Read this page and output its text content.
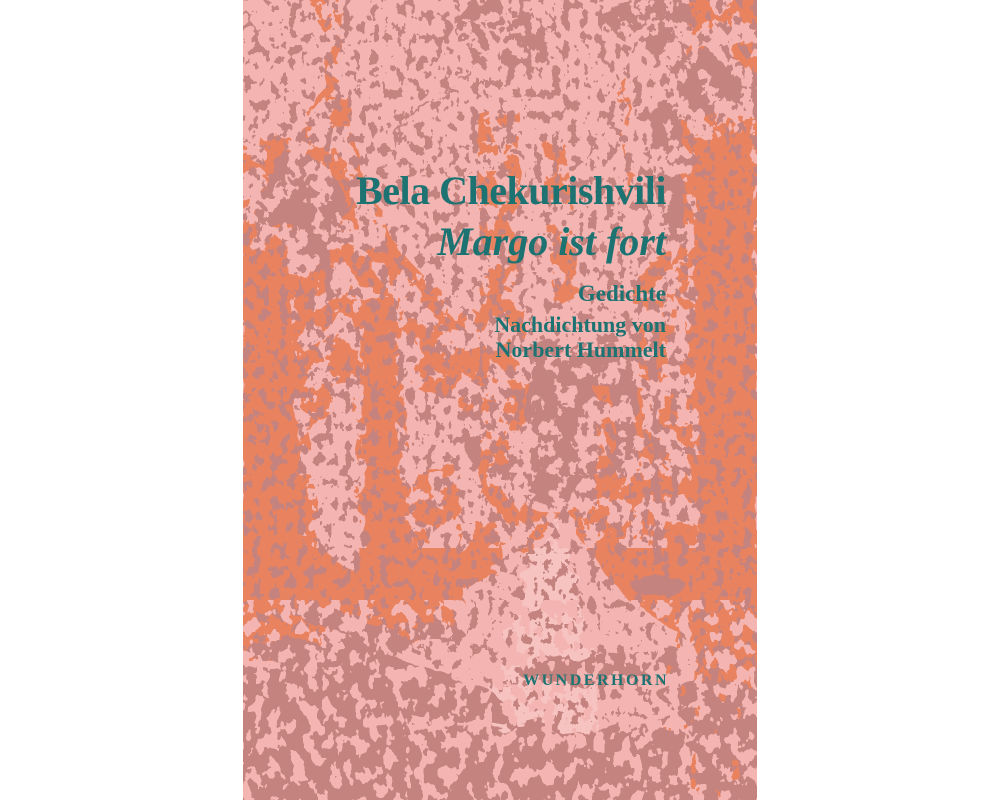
Bela Chekurishvili
Margo ist fort
Gedichte
Nachdichtung von
Norbert Hummelt
WUNDERHORN
